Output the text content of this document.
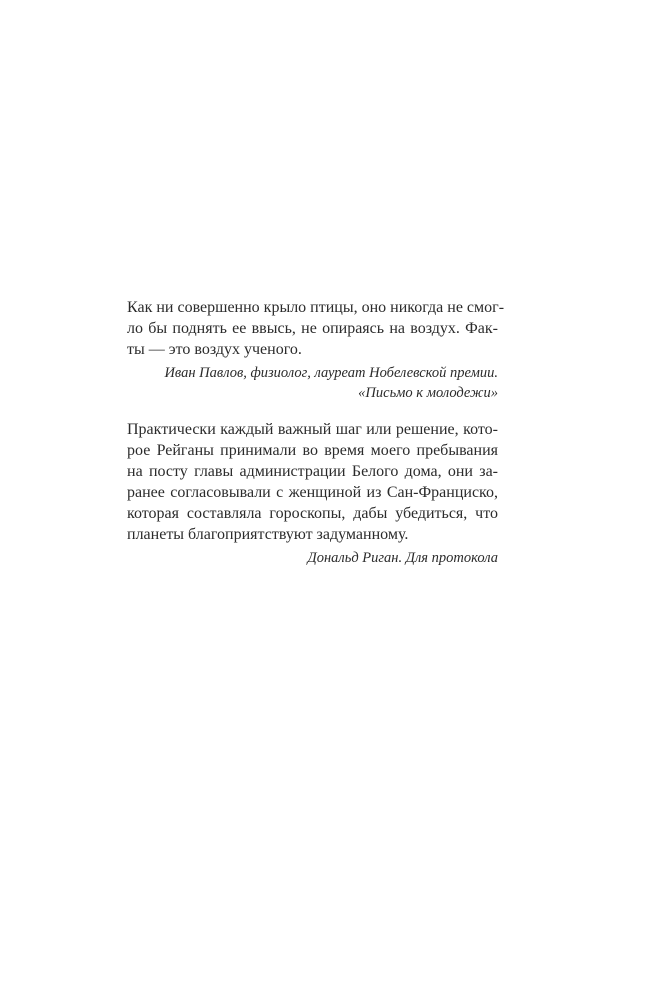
Как ни совершенно крыло птицы, оно никогда не смог-
ло бы поднять ее ввысь, не опираясь на воздух. Фак-
ты — это воздух ученого.
Иван Павлов, физиолог, лауреат Нобелевской премии.
«Письмо к молодежи»
Практически каждый важный шаг или решение, кото-
рое Рейганы принимали во время моего пребывания
на посту главы администрации Белого дома, они за-
ранее согласовывали с женщиной из Сан-Франциско,
которая составляла гороскопы, дабы убедиться, что
планеты благоприятствуют задуманному.
Дональд Риган. Для протокола
